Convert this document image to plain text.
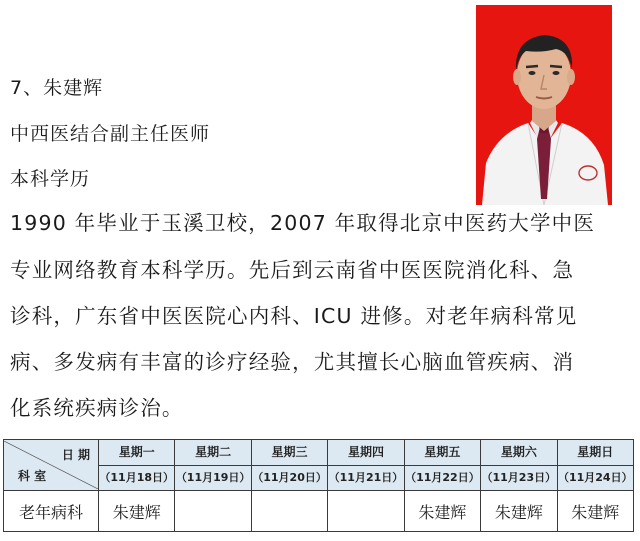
7、朱建辉
中西医结合副主任医师
本科学历
1990 年毕业于玉溪卫校，2007 年取得北京中医药大学中医
专业网络教育本科学历。先后到云南省中医医院消化科、急
诊科，广东省中医医院心内科、ICU 进修。对老年病科常见
病、多发病有丰富的诊疗经验，尤其擅长心脑血管疾病、消
化系统疾病诊治。
日 期
科 室	星期一	星期二	星期三	星期四	星期五	星期六	星期日
	（11月18日）	（11月19日）	（11月20日）	（11月21日）	（11月22日）	（11月23日）	（11月24日）
老年病科	朱建辉				朱建辉	朱建辉	朱建辉
